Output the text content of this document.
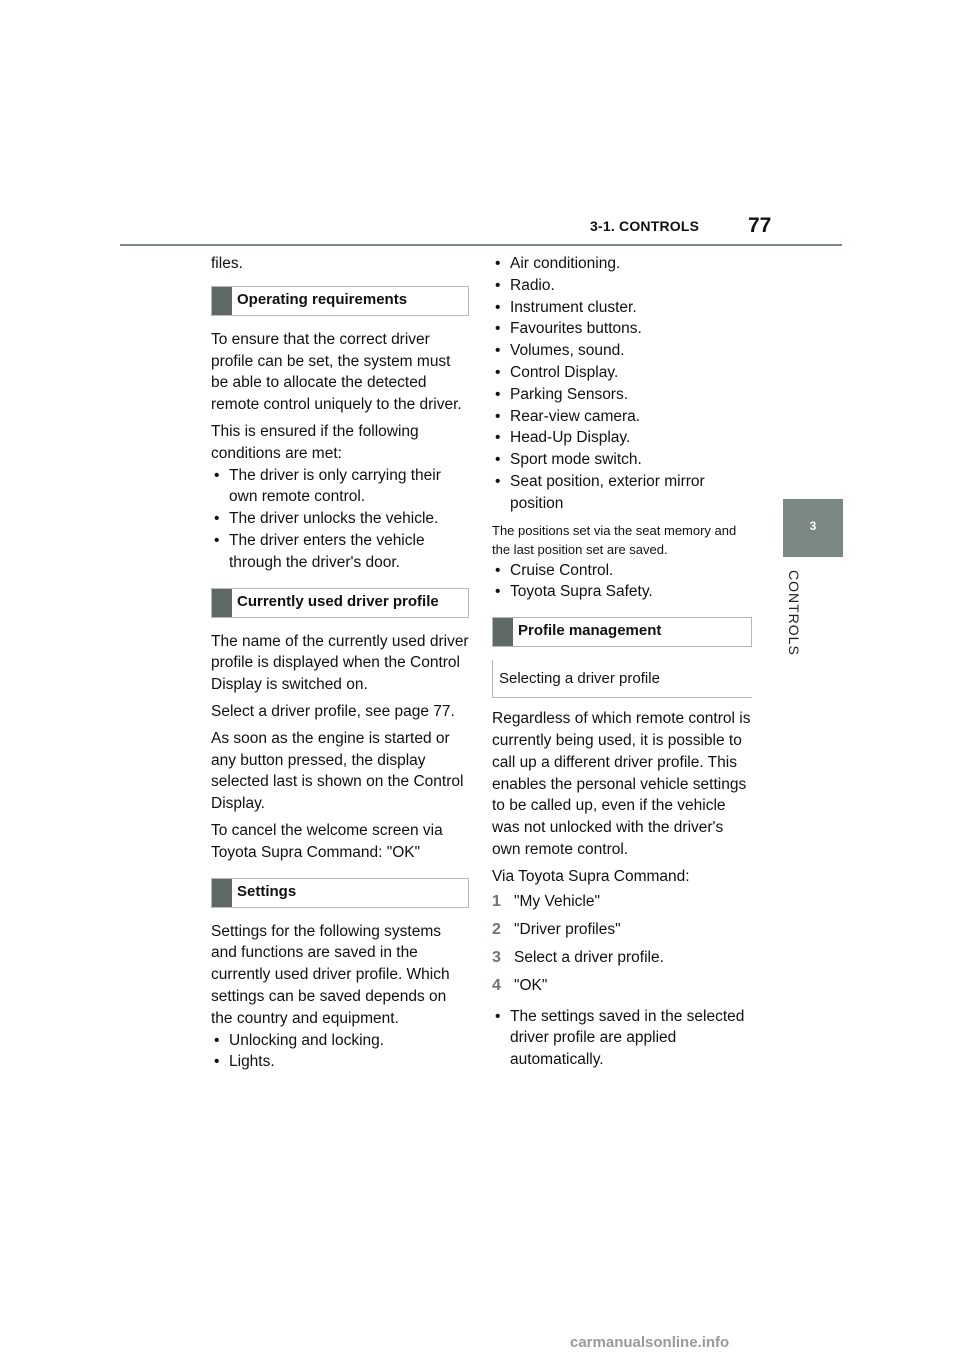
3-1. CONTROLS 77
3
CONTROLS

files.

Operating requirements

To ensure that the correct driver profile can be set, the system must be able to allocate the detected remote control uniquely to the driver.

This is ensured if the following conditions are met:

• The driver is only carrying their own remote control.
• The driver unlocks the vehicle.
• The driver enters the vehicle through the driver's door.
Currently used driver profile

The name of the currently used driver profile is displayed when the Control Display is switched on.

Select a driver profile, see page 77.

As soon as the engine is started or any button pressed, the display selected last is shown on the Control Display.

To cancel the welcome screen via Toyota Supra Command: "OK"

Settings

Settings for the following systems and functions are saved in the currently used driver profile. Which settings can be saved depends on the country and equipment.

• Unlocking and locking.
• Lights.
• Air conditioning.
• Radio.
• Instrument cluster.
• Favourites buttons.
• Volumes, sound.
• Control Display.
• Parking Sensors.
• Rear-view camera.
• Head-Up Display.
• Sport mode switch.
• Seat position, exterior mirror position

The positions set via the seat memory and the last position set are saved.

• Cruise Control.
• Toyota Supra Safety.
Profile management
Selecting a driver profile

Regardless of which remote control is currently being used, it is possible to call up a different driver profile. This enables the personal vehicle settings to be called up, even if the vehicle was not unlocked with the driver's own remote control.

Via Toyota Supra Command:

1 "My Vehicle"
2 "Driver profiles"
3 Select a driver profile.
4 "OK"
• The settings saved in the selected driver profile are applied automatically.
carmanualsonline.info
